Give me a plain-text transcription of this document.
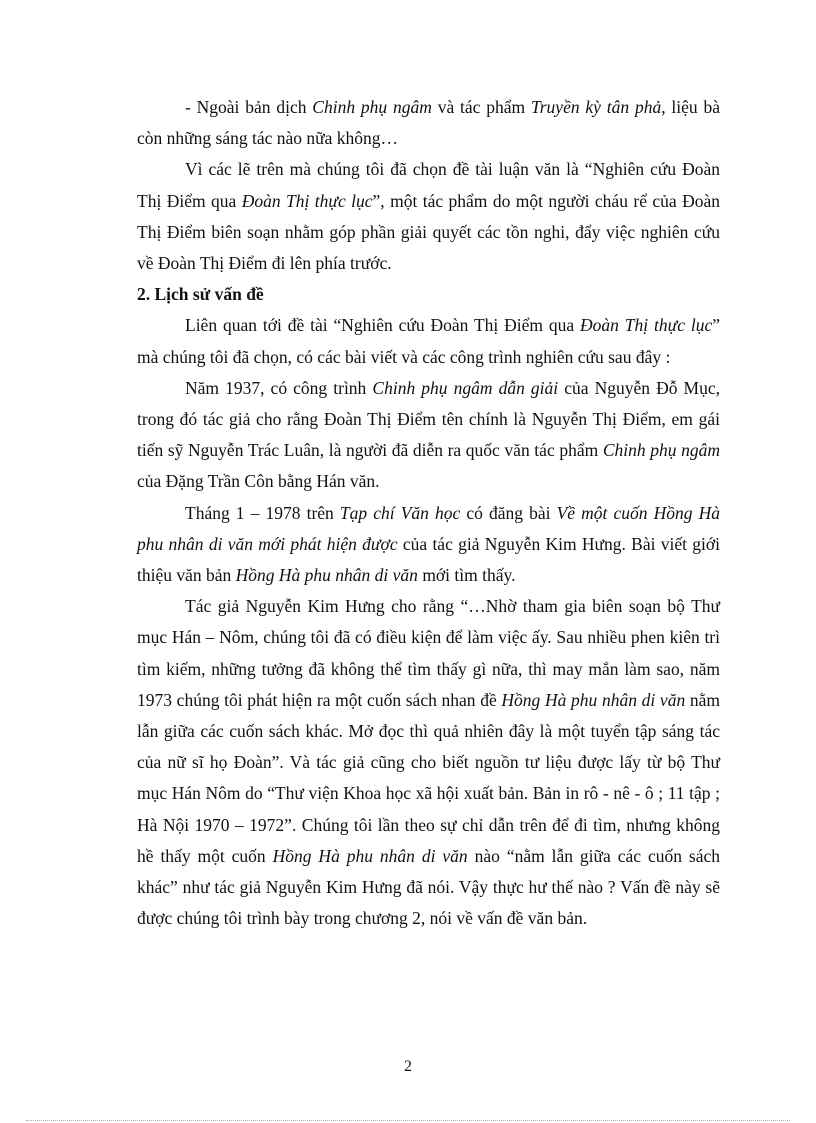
- Ngoài bản dịch Chinh phụ ngâm và tác phẩm Truyền kỳ tân phả, liệu bà còn những sáng tác nào nữa không…

Vì các lẽ trên mà chúng tôi đã chọn đề tài luận văn là “Nghiên cứu Đoàn Thị Điểm qua Đoàn Thị thực lục”, một tác phẩm do một người cháu rể của Đoàn Thị Điểm biên soạn nhằm góp phần giải quyết các tồn nghi, đẩy việc nghiên cứu về Đoàn Thị Điểm đi lên phía trước.

2. Lịch sử vấn đề

Liên quan tới đề tài “Nghiên cứu Đoàn Thị Điểm qua Đoàn Thị thực lục” mà chúng tôi đã chọn, có các bài viết và các công trình nghiên cứu sau đây :

Năm 1937, có công trình Chinh phụ ngâm dẫn giải của Nguyễn Đỗ Mục, trong đó tác giả cho rằng Đoàn Thị Điểm tên chính là Nguyễn Thị Điểm, em gái tiến sỹ Nguyễn Trác Luân, là người đã diễn ra quốc văn tác phẩm Chinh phụ ngâm của Đặng Trần Côn bằng Hán văn.

Tháng 1 – 1978 trên Tạp chí Văn học có đăng bài Về một cuốn Hồng Hà phu nhân di văn mới phát hiện được của tác giả Nguyễn Kim Hưng. Bài viết giới thiệu văn bản Hồng Hà phu nhân di văn mới tìm thấy.

Tác giả Nguyễn Kim Hưng cho rằng “…Nhờ tham gia biên soạn bộ Thư mục Hán – Nôm, chúng tôi đã có điều kiện để làm việc ấy. Sau nhiều phen kiên trì tìm kiếm, những tưởng đã không thể tìm thấy gì nữa, thì may mắn làm sao, năm 1973 chúng tôi phát hiện ra một cuốn sách nhan đề Hồng Hà phu nhân di văn nằm lẫn giữa các cuốn sách khác. Mở đọc thì quả nhiên đây là một tuyển tập sáng tác của nữ sĩ họ Đoàn”. Và tác giả cũng cho biết nguồn tư liệu được lấy từ bộ Thư mục Hán Nôm do “Thư viện Khoa học xã hội xuất bản. Bản in rô - nê - ô ; 11 tập ; Hà Nội 1970 – 1972”. Chúng tôi lần theo sự chỉ dẫn trên để đi tìm, nhưng không hề thấy một cuốn Hồng Hà phu nhân di văn nào “nằm lẫn giữa các cuốn sách khác” như tác giả Nguyễn Kim Hưng đã nói. Vậy thực hư thế nào ? Vấn đề này sẽ được chúng tôi trình bày trong chương 2, nói về vấn đề văn bản.

2
